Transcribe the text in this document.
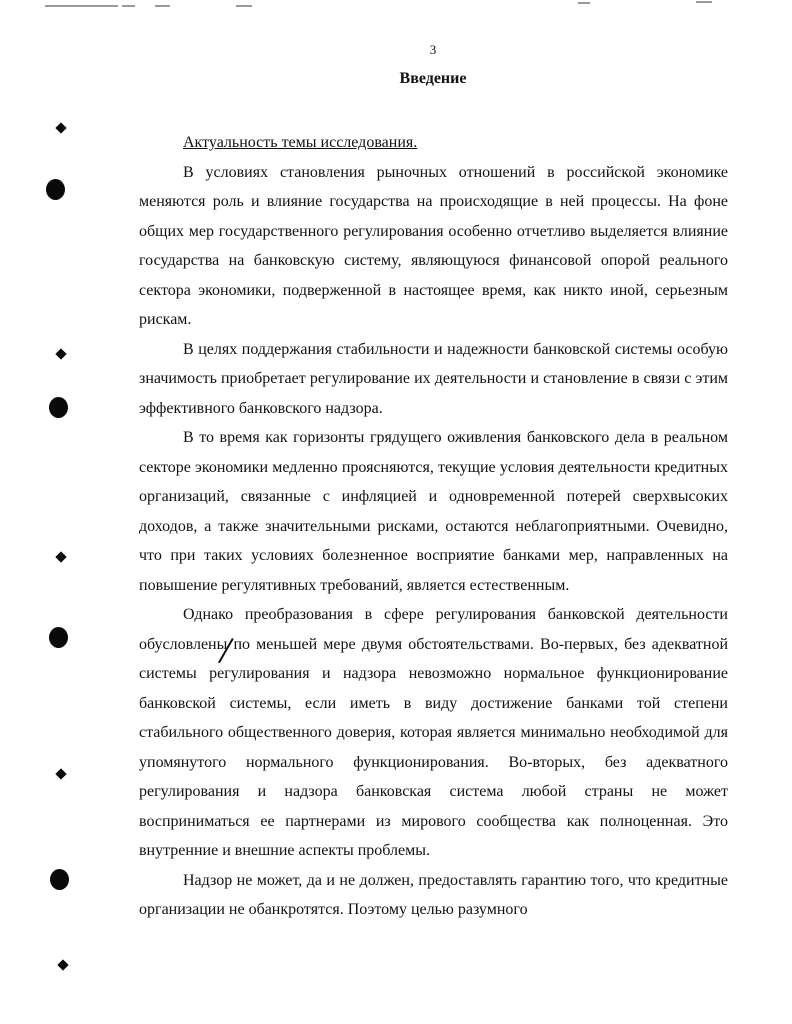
3
Введение

Актуальность темы исследования.

В условиях становления рыночных отношений в российской экономике меняются роль и влияние государства на происходящие в ней процессы. На фоне общих мер государственного регулирования особенно отчетливо выделяется влияние государства на банковскую систему, являющуюся финансовой опорой реального сектора экономики, подверженной в настоящее время, как никто иной, серьезным рискам.

В целях поддержания стабильности и надежности банковской системы особую значимость приобретает регулирование их деятельности и становление в связи с этим эффективного банковского надзора.

В то время как горизонты грядущего оживления банковского дела в реальном секторе экономики медленно проясняются, текущие условия деятельности кредитных организаций, связанные с инфляцией и одновременной потерей сверхвысоких доходов, а также значительными рисками, остаются неблагоприятными. Очевидно, что при таких условиях болезненное восприятие банками мер, направленных на повышение регулятивных требований, является естественным.

Однако преобразования в сфере регулирования банковской деятельности обусловлены по меньшей мере двумя обстоятельствами. Во-первых, без адекватной системы регулирования и надзора невозможно нормальное функционирование банковской системы, если иметь в виду достижение банками той степени стабильного общественного доверия, которая является минимально необходимой для упомянутого нормального функционирования. Во-вторых, без адекватного регулирования и надзора банковская система любой страны не может восприниматься ее партнерами из мирового сообщества как полноценная. Это внутренние и внешние аспекты проблемы.

Надзор не может, да и не должен, предоставлять гарантию того, что кредитные организации не обанкротятся. Поэтому целью разумного
